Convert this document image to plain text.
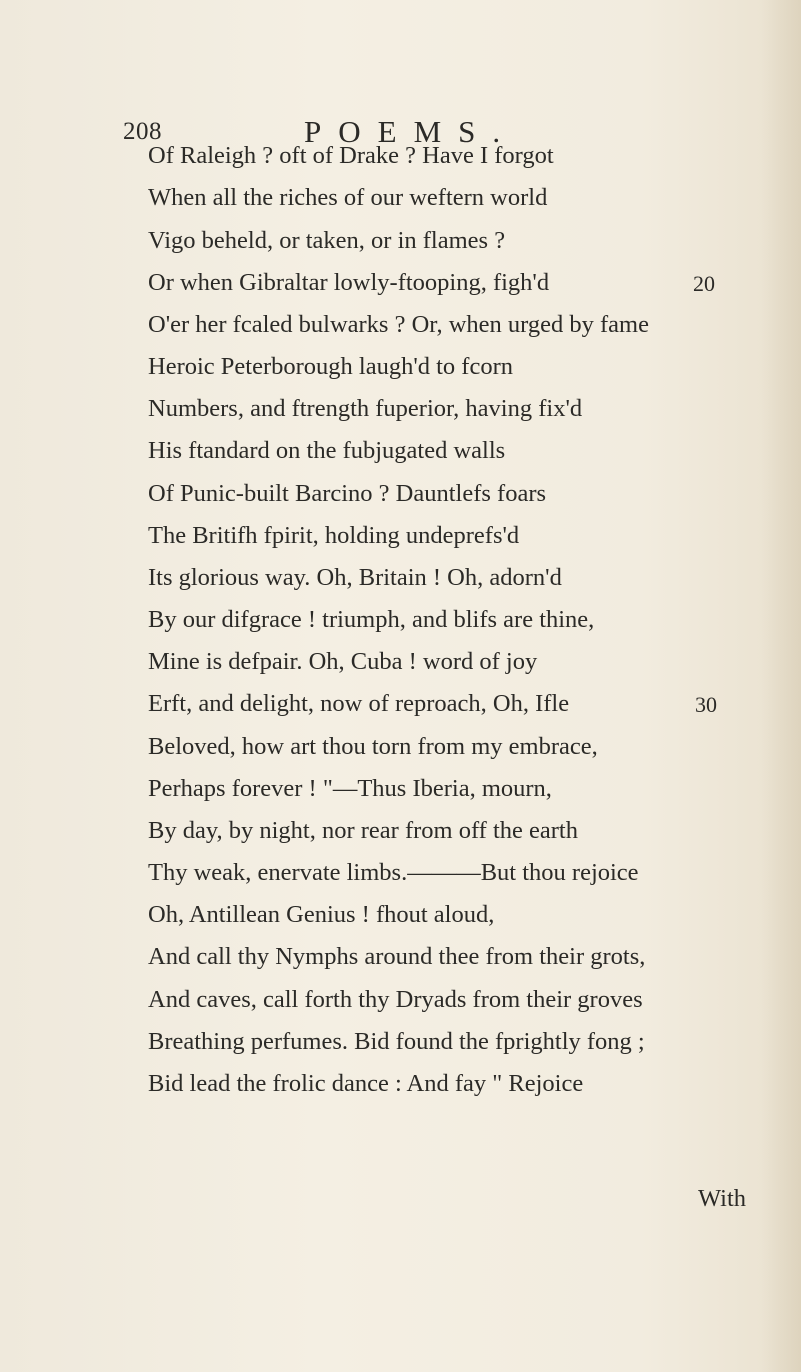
208	POEMS.
Of Raleigh ? oft of Drake ? Have I forgot
When all the riches of our weftern world
Vigo beheld, or taken, or in flames ?
Or when Gibraltar lowly-ftooping, figh'd
O'er her fcaled bulwarks ? Or, when urged by fame
Heroic Peterborough laugh'd to fcorn
Numbers, and ftrength fuperior, having fix'd
His ftandard on the fubjugated walls
Of Punic-built Barcino ? Dauntlefs foars
The Britifh fpirit, holding undeprefs'd
Its glorious way. Oh, Britain ! Oh, adorn'd
By our difgrace ! triumph, and blifs are thine,
Mine is defpair. Oh, Cuba ! word of joy
Erft, and delight, now of reproach, Oh, Ifle
Beloved, how art thou torn from my embrace,
Perhaps forever ! "—Thus Iberia, mourn,
By day, by night, nor rear from off the earth
Thy weak, enervate limbs.———But thou rejoice
Oh, Antillean Genius ! fhout aloud,
And call thy Nymphs around thee from their grots,
And caves, call forth thy Dryads from their groves
Breathing perfumes. Bid found the fprightly fong ;
Bid lead the frolic dance : And fay " Rejoice
20
30
With
